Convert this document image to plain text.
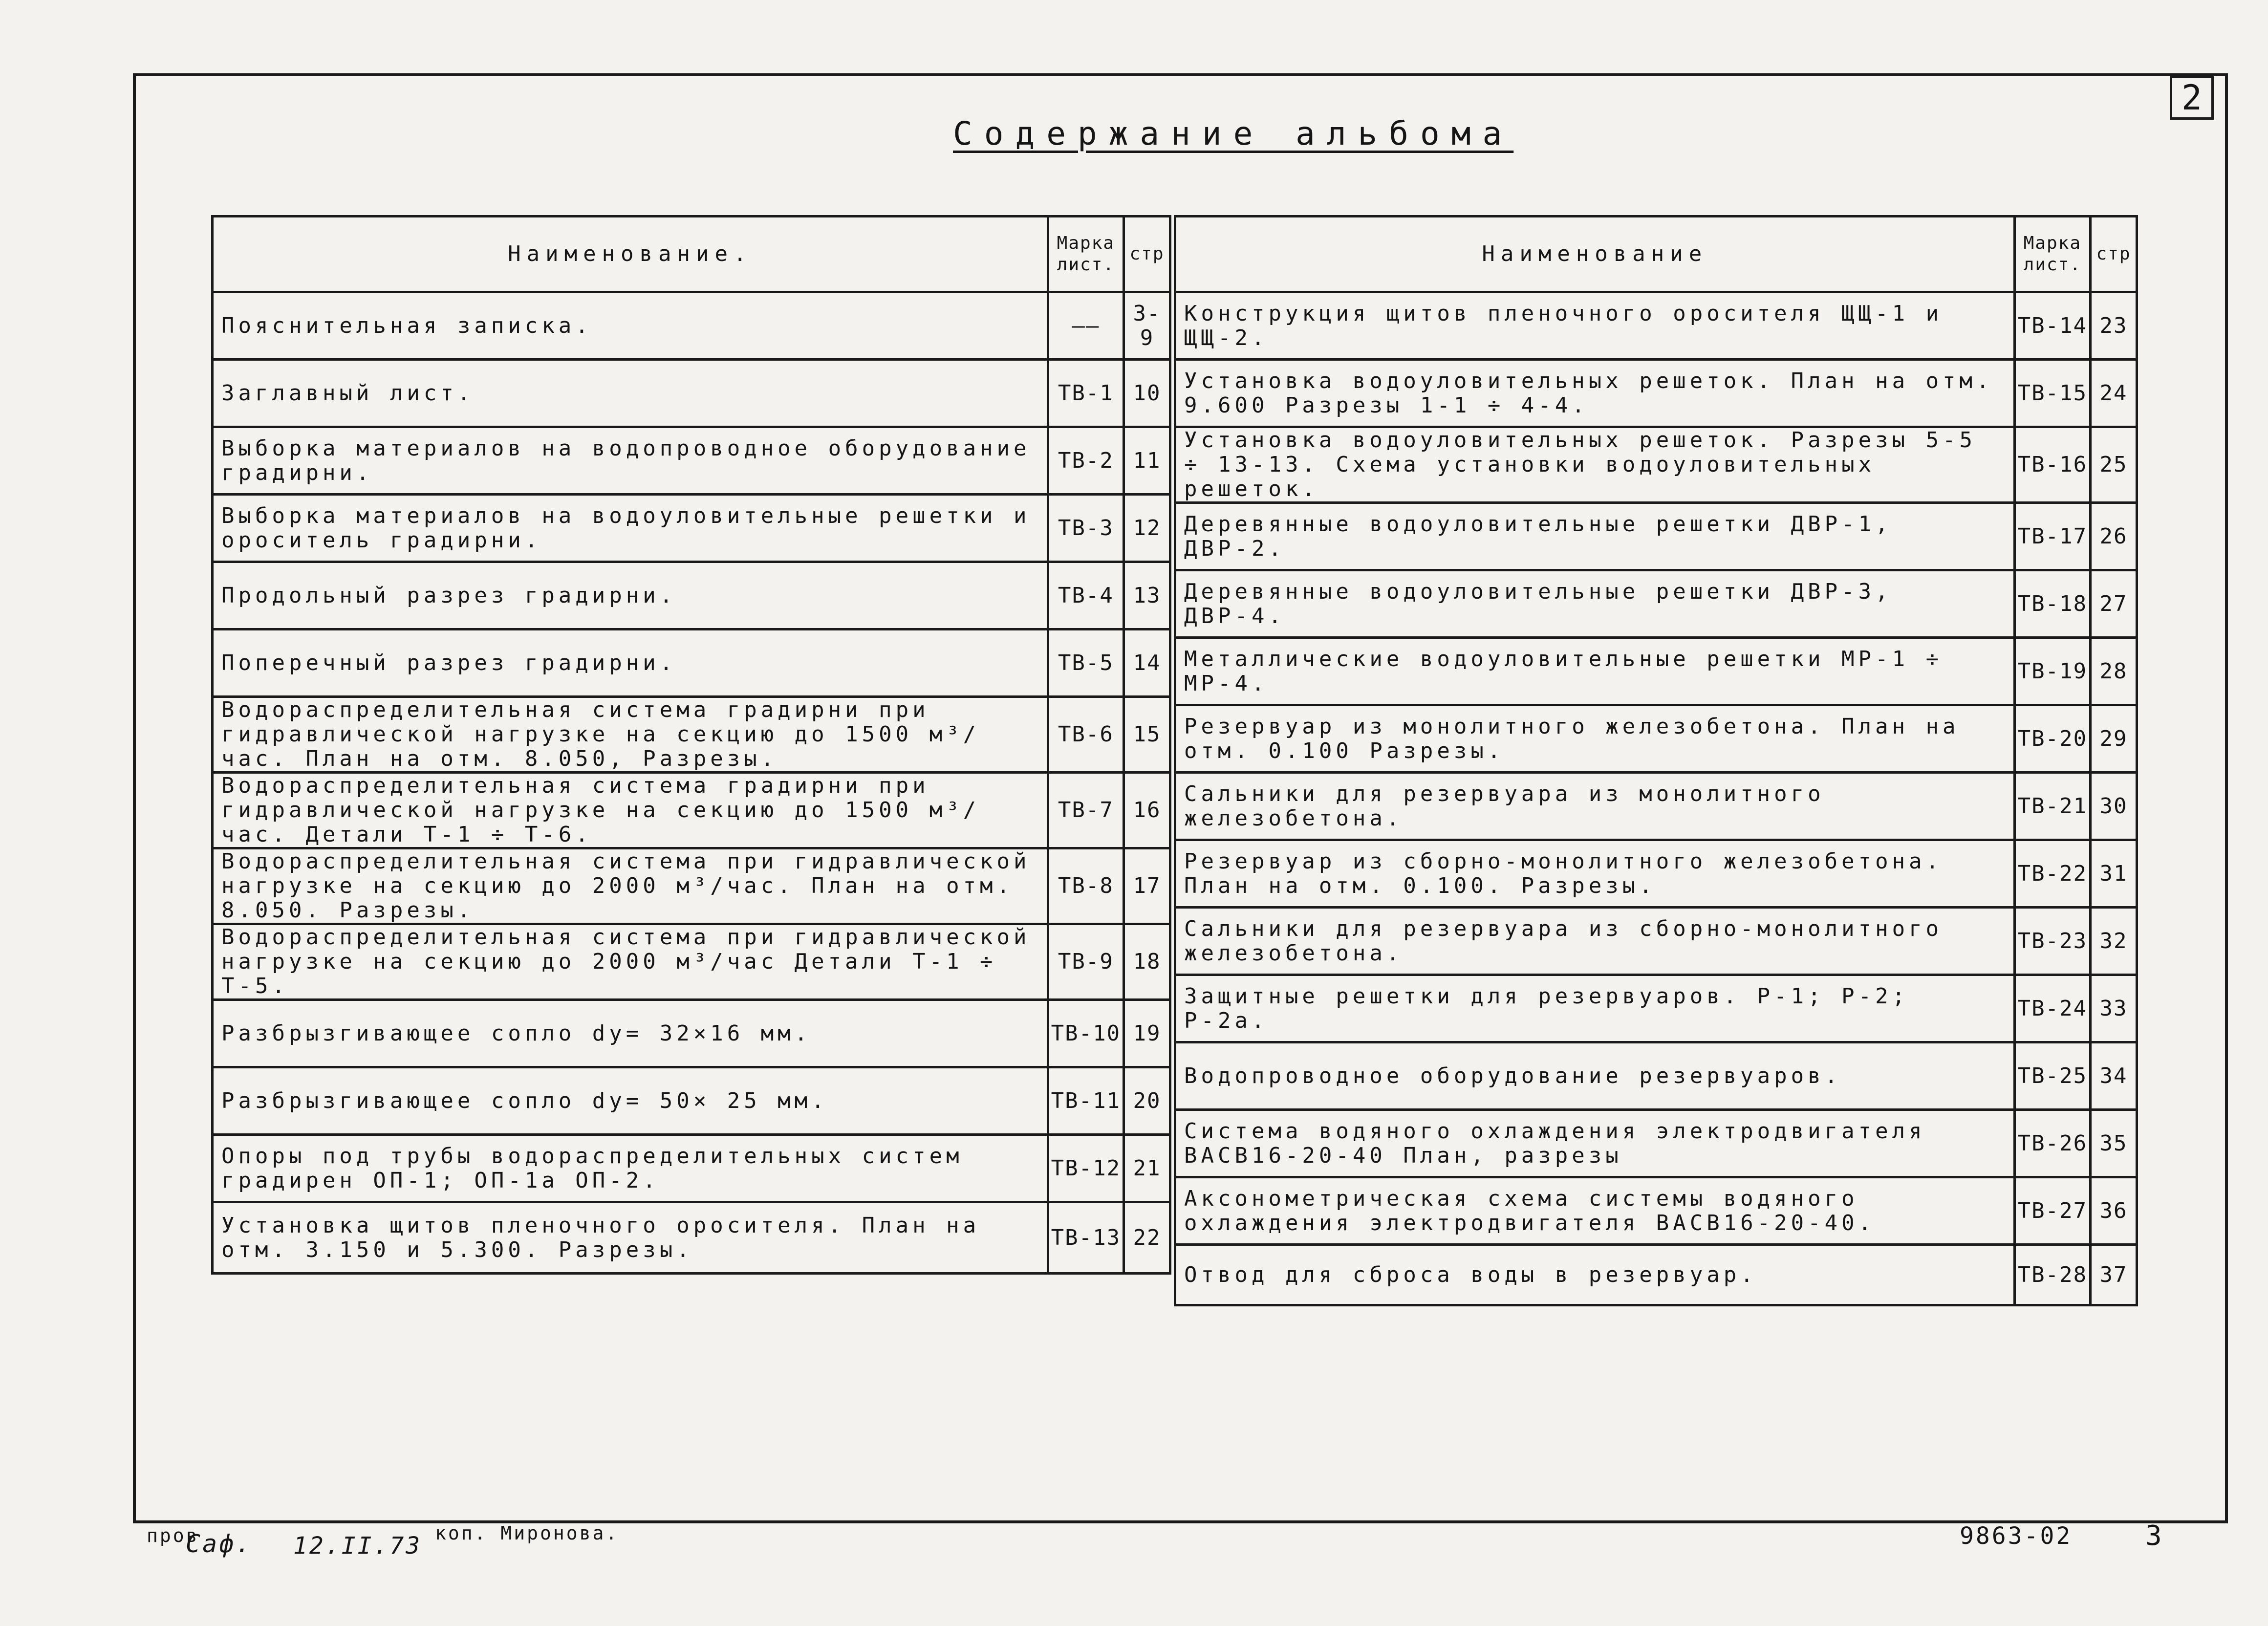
2
Содержание альбома
Наименование.	Марка лист.	стр
Пояснительная записка.	——	3-9
Заглавный лист.	ТВ-1	10
Выборка материалов на водопроводное оборудование градирни.	ТВ-2	11
Выборка материалов на водоуловительные решетки и ороситель градирни.	ТВ-3	12
Продольный разрез градирни.	ТВ-4	13
Поперечный разрез градирни.	ТВ-5	14
Водораспределительная система градирни при гидравлической нагрузке на секцию до 1500 м³/час. План на отм. 8.050, Разрезы.	ТВ-6	15
Водораспределительная система градирни при гидравлической нагрузке на секцию до 1500 м³/час. Детали Т-1 ÷ Т-6.	ТВ-7	16
Водораспределительная система при гидравлической нагрузке на секцию до 2000 м³/час. План на отм. 8.050. Разрезы.	ТВ-8	17
Водораспределительная система при гидравлической нагрузке на секцию до 2000 м³/час Детали Т-1 ÷ Т-5.	ТВ-9	18
Разбрызгивающее сопло dy= 32×16 мм.	ТВ-10	19
Разбрызгивающее сопло dy= 50× 25 мм.	ТВ-11	20
Опоры под трубы водораспределительных систем градирен ОП-1; ОП-1а ОП-2.	ТВ-12	21
Установка щитов пленочного оросителя. План на отм. 3.150 и 5.300. Разрезы.	ТВ-13	22
Наименование	Марка лист.	стр
Конструкция щитов пленочного оросителя ЩЩ-1 и ЩЩ-2.	ТВ-14	23
Установка водоуловительных решеток. План на отм. 9.600 Разрезы 1-1 ÷ 4-4.	ТВ-15	24
Установка водоуловительных решеток. Разрезы 5-5 ÷ 13-13. Схема установки водоуловительных решеток.	ТВ-16	25
Деревянные водоуловительные решетки ДВР-1, ДВР-2.	ТВ-17	26
Деревянные водоуловительные решетки ДВР-3, ДВР-4.	ТВ-18	27
Металлические водоуловительные решетки МР-1 ÷ МР-4.	ТВ-19	28
Резервуар из монолитного железобетона. План на отм. 0.100 Разрезы.	ТВ-20	29
Сальники для резервуара из монолитного железобетона.	ТВ-21	30
Резервуар из сборно-монолитного железобетона. План на отм. 0.100. Разрезы.	ТВ-22	31
Сальники для резервуара из сборно-монолитного железобетона.	ТВ-23	32
Защитные решетки для резервуаров. Р-1; Р-2; Р-2а.	ТВ-24	33
Водопроводное оборудование резервуаров.	ТВ-25	34
Система водяного охлаждения электродвигателя ВАСВ16-20-40 План, разрезы	ТВ-26	35
Аксонометрическая схема системы водяного охлаждения электродвигателя ВАСВ16-20-40.	ТВ-27	36
Отвод для сброса воды в резервуар.	ТВ-28	37
пров
Саф. 12.II.73 коп. Миронова.	9863-02	3
